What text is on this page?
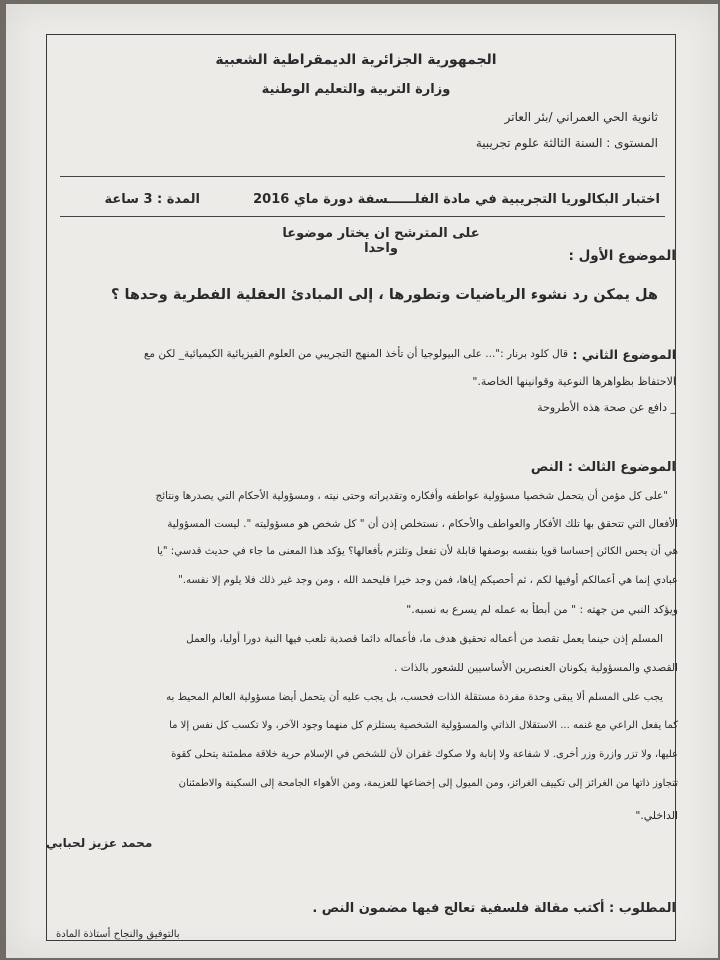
الجمهورية الجزائرية الديمقراطية الشعبية
وزارة التربية والتعليم الوطنية
ثانوية الحي العمراني /بئر العاتر
المستوى : السنة الثالثة علوم تجريبية
اختبار البكالوريا التجريبية في مادة الفلــــــسفة دورة ماي 2016
المدة : 3 ساعة
على المترشح ان يختار موضوعا واحدا	الموضوع الأول :
هل يمكن رد نشوء الرياضيات وتطورها ، إلى المبادئ العقلية الفطرية وحدها ؟
الموضوع الثاني :
قال كلود برنار :"... على البيولوجيا أن تأخذ المنهج التجريبي من العلوم الفيزيائية الكيميائية_ لكن مع
الاحتفاظ بظواهرها النوعية وقوانينها الخاصة."
_ دافع عن صحة هذه الأطروحة
الموضوع الثالث : النص
"على كل مؤمن أن يتحمل شخصيا مسؤولية عواطفه وأفكاره وتقديراته وحتى نيته ، ومسؤولية الأحكام التي يصدرها ونتائج
الأفعال التي تتحقق بها تلك الأفكار والعواطف والأحكام ، نستخلص إذن أن " كل شخص هو مسؤوليته ". ليست المسؤولية
هي أن يحس الكائن إحساسا قويا بنفسه بوصفها قابلة لأن تفعل وتلتزم بأفعالها؟ يؤكد هذا المعنى ما جاء في حديث قدسي: "يا
عبادي إنما هي أعمالكم أوفيها لكم ، ثم أحصيكم إياها، فمن وجد خيرا فليحمد الله ، ومن وجد غير ذلك فلا يلوم إلا نفسه."
ويؤكد النبي من جهته : " من أبطأ به عمله لم يسرع به نسبه."
المسلم إذن حينما يعمل تقصد من أعماله تحقيق هدف ما، فأعماله دائما قصدية تلعب فيها النية دورا أوليا، والعمل
القصدي والمسؤولية يكونان العنصرين الأساسيين للشعور بالذات .
يجب على المسلم ألا يبقى وحدة مفردة مستقلة الذات فحسب، بل يجب عليه أن يتحمل أيضا مسؤولية العالم المحيط به
كما يفعل الراعي مع غنمه ... الاستقلال الذاتي والمسؤولية الشخصية يستلزم كل منهما وجود الآخر، ولا تكسب كل نفس إلا ما
عليها، ولا تزر وازرة وزر أخرى. لا شفاعة ولا إنابة ولا صكوك غفران لأن للشخص في الإسلام حرية خلاقة مطمئنة يتحلى كقوة
تتجاوز ذاتها من الغرائز إلى تكييف الغرائز، ومن الميول إلى إخضاعها للعزيمة، ومن الأهواء الجامحة إلى السكينة والاطمئنان
الداخلي."
محمد عزيز لحبابي
المطلوب : أكتب مقالة فلسفية تعالج فيها مضمون النص .
بالتوفيق والنجاح أستاذة المادة
